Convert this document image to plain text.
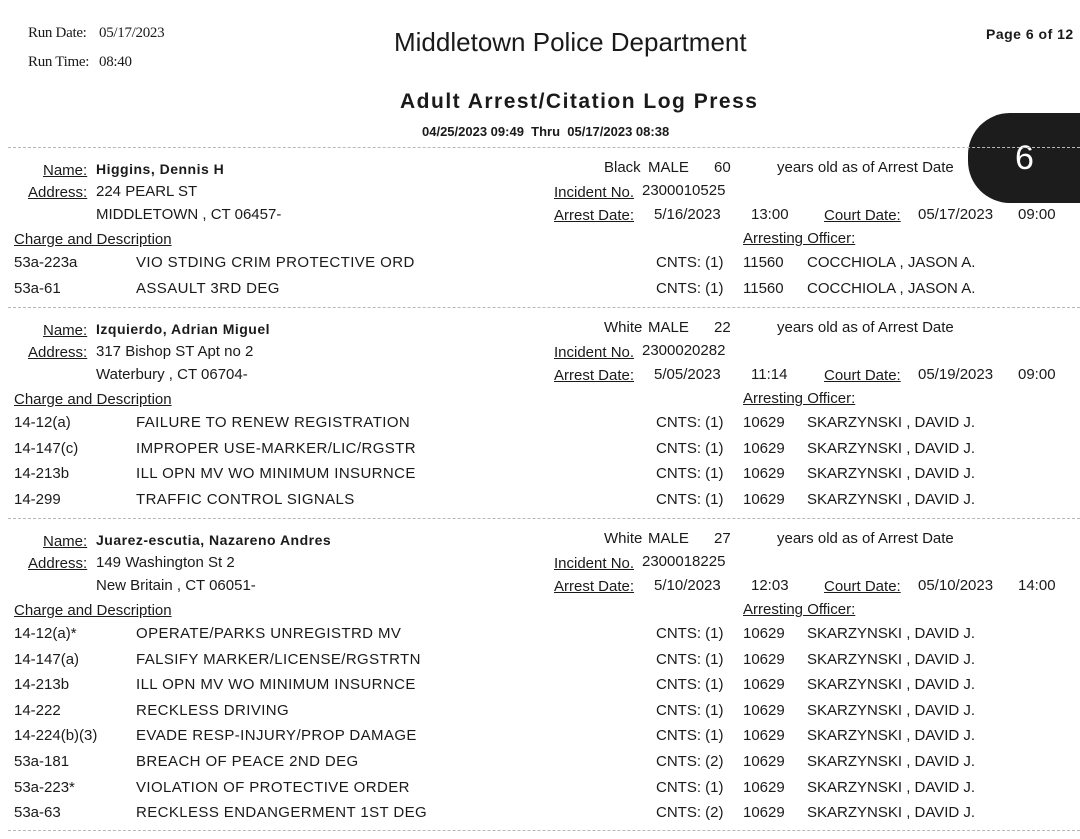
Run Date: 05/17/2023
Run Time: 08:40
Middletown Police Department	Page 6 of 12
Adult Arrest/Citation Log Press
04/25/2023 09:49  Thru  05/17/2023 08:38
6
Name: Higgins, Dennis H
Address: 224 PEARL ST
MIDDLETOWN , CT 06457-
Black MALE 60	years old as of Arrest Date
Incident No. 2300010525
Arrest Date: 5/16/2023 13:00 Court Date: 05/17/2023 09:00
Charge and Description	Arresting Officer:
53a-223a	VIO STDING CRIM PROTECTIVE ORD	CNTS: (1) 11560 COCCHIOLA , JASON A.
53a-61	ASSAULT 3RD DEG	CNTS: (1) 11560 COCCHIOLA , JASON A.
Name: Izquierdo, Adrian Miguel
Address: 317 Bishop ST Apt no 2
Waterbury , CT 06704-
White MALE 22	years old as of Arrest Date
Incident No. 2300020282
Arrest Date: 5/05/2023 11:14 Court Date: 05/19/2023 09:00
Charge and Description	Arresting Officer:
14-12(a)	FAILURE TO RENEW REGISTRATION	CNTS: (1) 10629 SKARZYNSKI , DAVID J.
14-147(c)	IMPROPER USE-MARKER/LIC/RGSTR	CNTS: (1) 10629 SKARZYNSKI , DAVID J.
14-213b	ILL OPN MV WO MINIMUM INSURNCE	CNTS: (1) 10629 SKARZYNSKI , DAVID J.
14-299	TRAFFIC CONTROL SIGNALS	CNTS: (1) 10629 SKARZYNSKI , DAVID J.
Name: Juarez-escutia, Nazareno Andres
Address: 149 Washington St 2
New Britain , CT 06051-
White MALE 27	years old as of Arrest Date
Incident No. 2300018225
Arrest Date: 5/10/2023 12:03 Court Date: 05/10/2023 14:00
Charge and Description	Arresting Officer:
14-12(a)*	OPERATE/PARKS UNREGISTRD MV	CNTS: (1) 10629 SKARZYNSKI , DAVID J.
14-147(a)	FALSIFY MARKER/LICENSE/RGSTRTN	CNTS: (1) 10629 SKARZYNSKI , DAVID J.
14-213b	ILL OPN MV WO MINIMUM INSURNCE	CNTS: (1) 10629 SKARZYNSKI , DAVID J.
14-222	RECKLESS DRIVING	CNTS: (1) 10629 SKARZYNSKI , DAVID J.
14-224(b)(3)	EVADE RESP-INJURY/PROP DAMAGE	CNTS: (1) 10629 SKARZYNSKI , DAVID J.
53a-181	BREACH OF PEACE 2ND DEG	CNTS: (2) 10629 SKARZYNSKI , DAVID J.
53a-223*	VIOLATION OF PROTECTIVE ORDER	CNTS: (1) 10629 SKARZYNSKI , DAVID J.
53a-63	RECKLESS ENDANGERMENT 1ST DEG	CNTS: (2) 10629 SKARZYNSKI , DAVID J.
